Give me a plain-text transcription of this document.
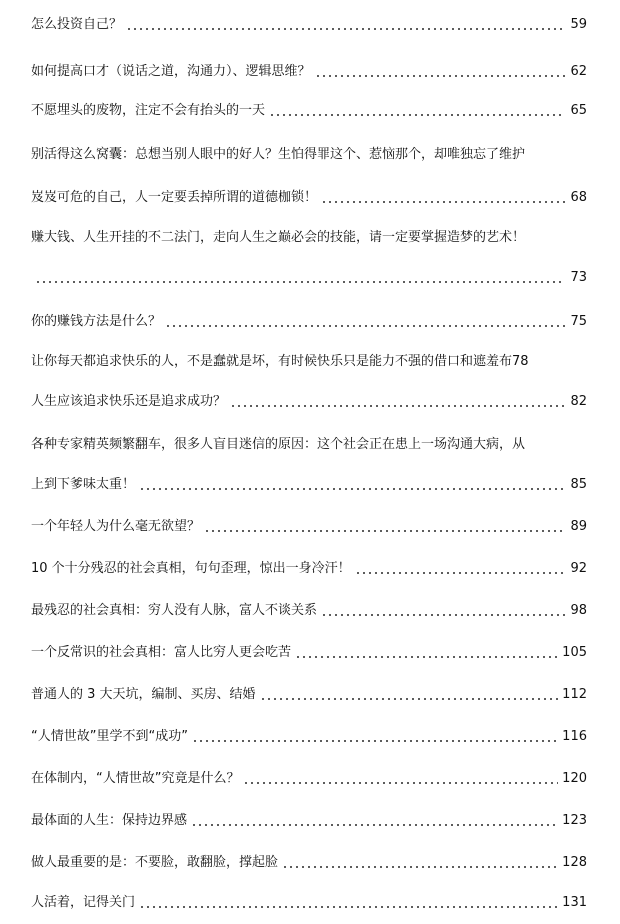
怎么投资自己？	59
如何提高口才（说话之道，沟通力）、逻辑思维？	62
不愿埋头的废物，注定不会有抬头的一天	65
别活得这么窝囊：总想当别人眼中的好人？生怕得罪这个、惹恼那个，却唯独忘了维护
岌岌可危的自己，人一定要丢掉所谓的道德枷锁！	68
赚大钱、人生开挂的不二法门，走向人生之巅必会的技能，请一定要掌握造梦的艺术！
73
你的赚钱方法是什么？	75
让你每天都追求快乐的人，不是蠢就是坏，有时候快乐只是能力不强的借口和遮羞布78
人生应该追求快乐还是追求成功？	82
各种专家精英频繁翻车，很多人盲目迷信的原因：这个社会正在患上一场沟通大病，从
上到下爹味太重！	85
一个年轻人为什么毫无欲望？	89
10 个十分残忍的社会真相，句句歪理，惊出一身冷汗！	92
最残忍的社会真相：穷人没有人脉，富人不谈关系	98
一个反常识的社会真相：富人比穷人更会吃苦	105
普通人的 3 大天坑，编制、买房、结婚	112
“人情世故”里学不到“成功”	116
在体制内，“人情世故”究竟是什么？	120
最体面的人生：保持边界感	123
做人最重要的是：不要脸，敢翻脸，撑起脸	128
人活着，记得关门	131
